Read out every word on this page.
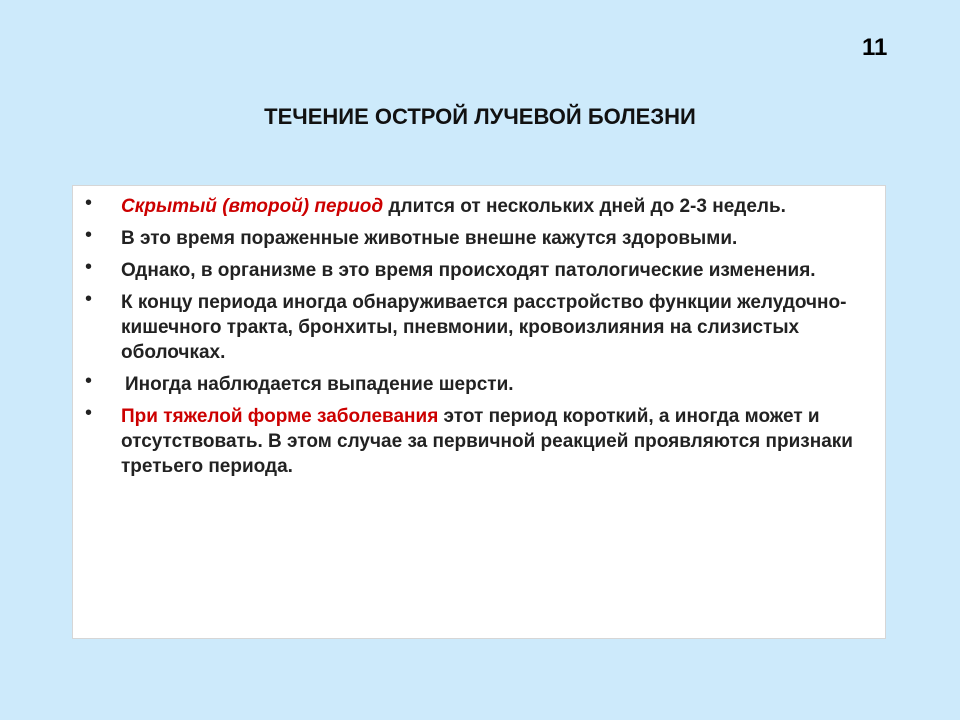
11
ТЕЧЕНИЕ ОСТРОЙ ЛУЧЕВОЙ БОЛЕЗНИ
• Скрытый (второй) период длится от нескольких дней до 2-3 недель.
• В это время пораженные животные внешне кажутся здоровыми.
• Однако, в организме в это время происходят патологические изменения.
• К концу периода иногда обнаруживается расстройство функции желудочно-кишечного тракта, бронхиты, пневмонии, кровоизлияния на слизистых оболочках.
• Иногда наблюдается выпадение шерсти.
• При тяжелой форме заболевания этот период короткий, а иногда может и отсутствовать. В этом случае за первичной реакцией проявляются признаки третьего периода.
